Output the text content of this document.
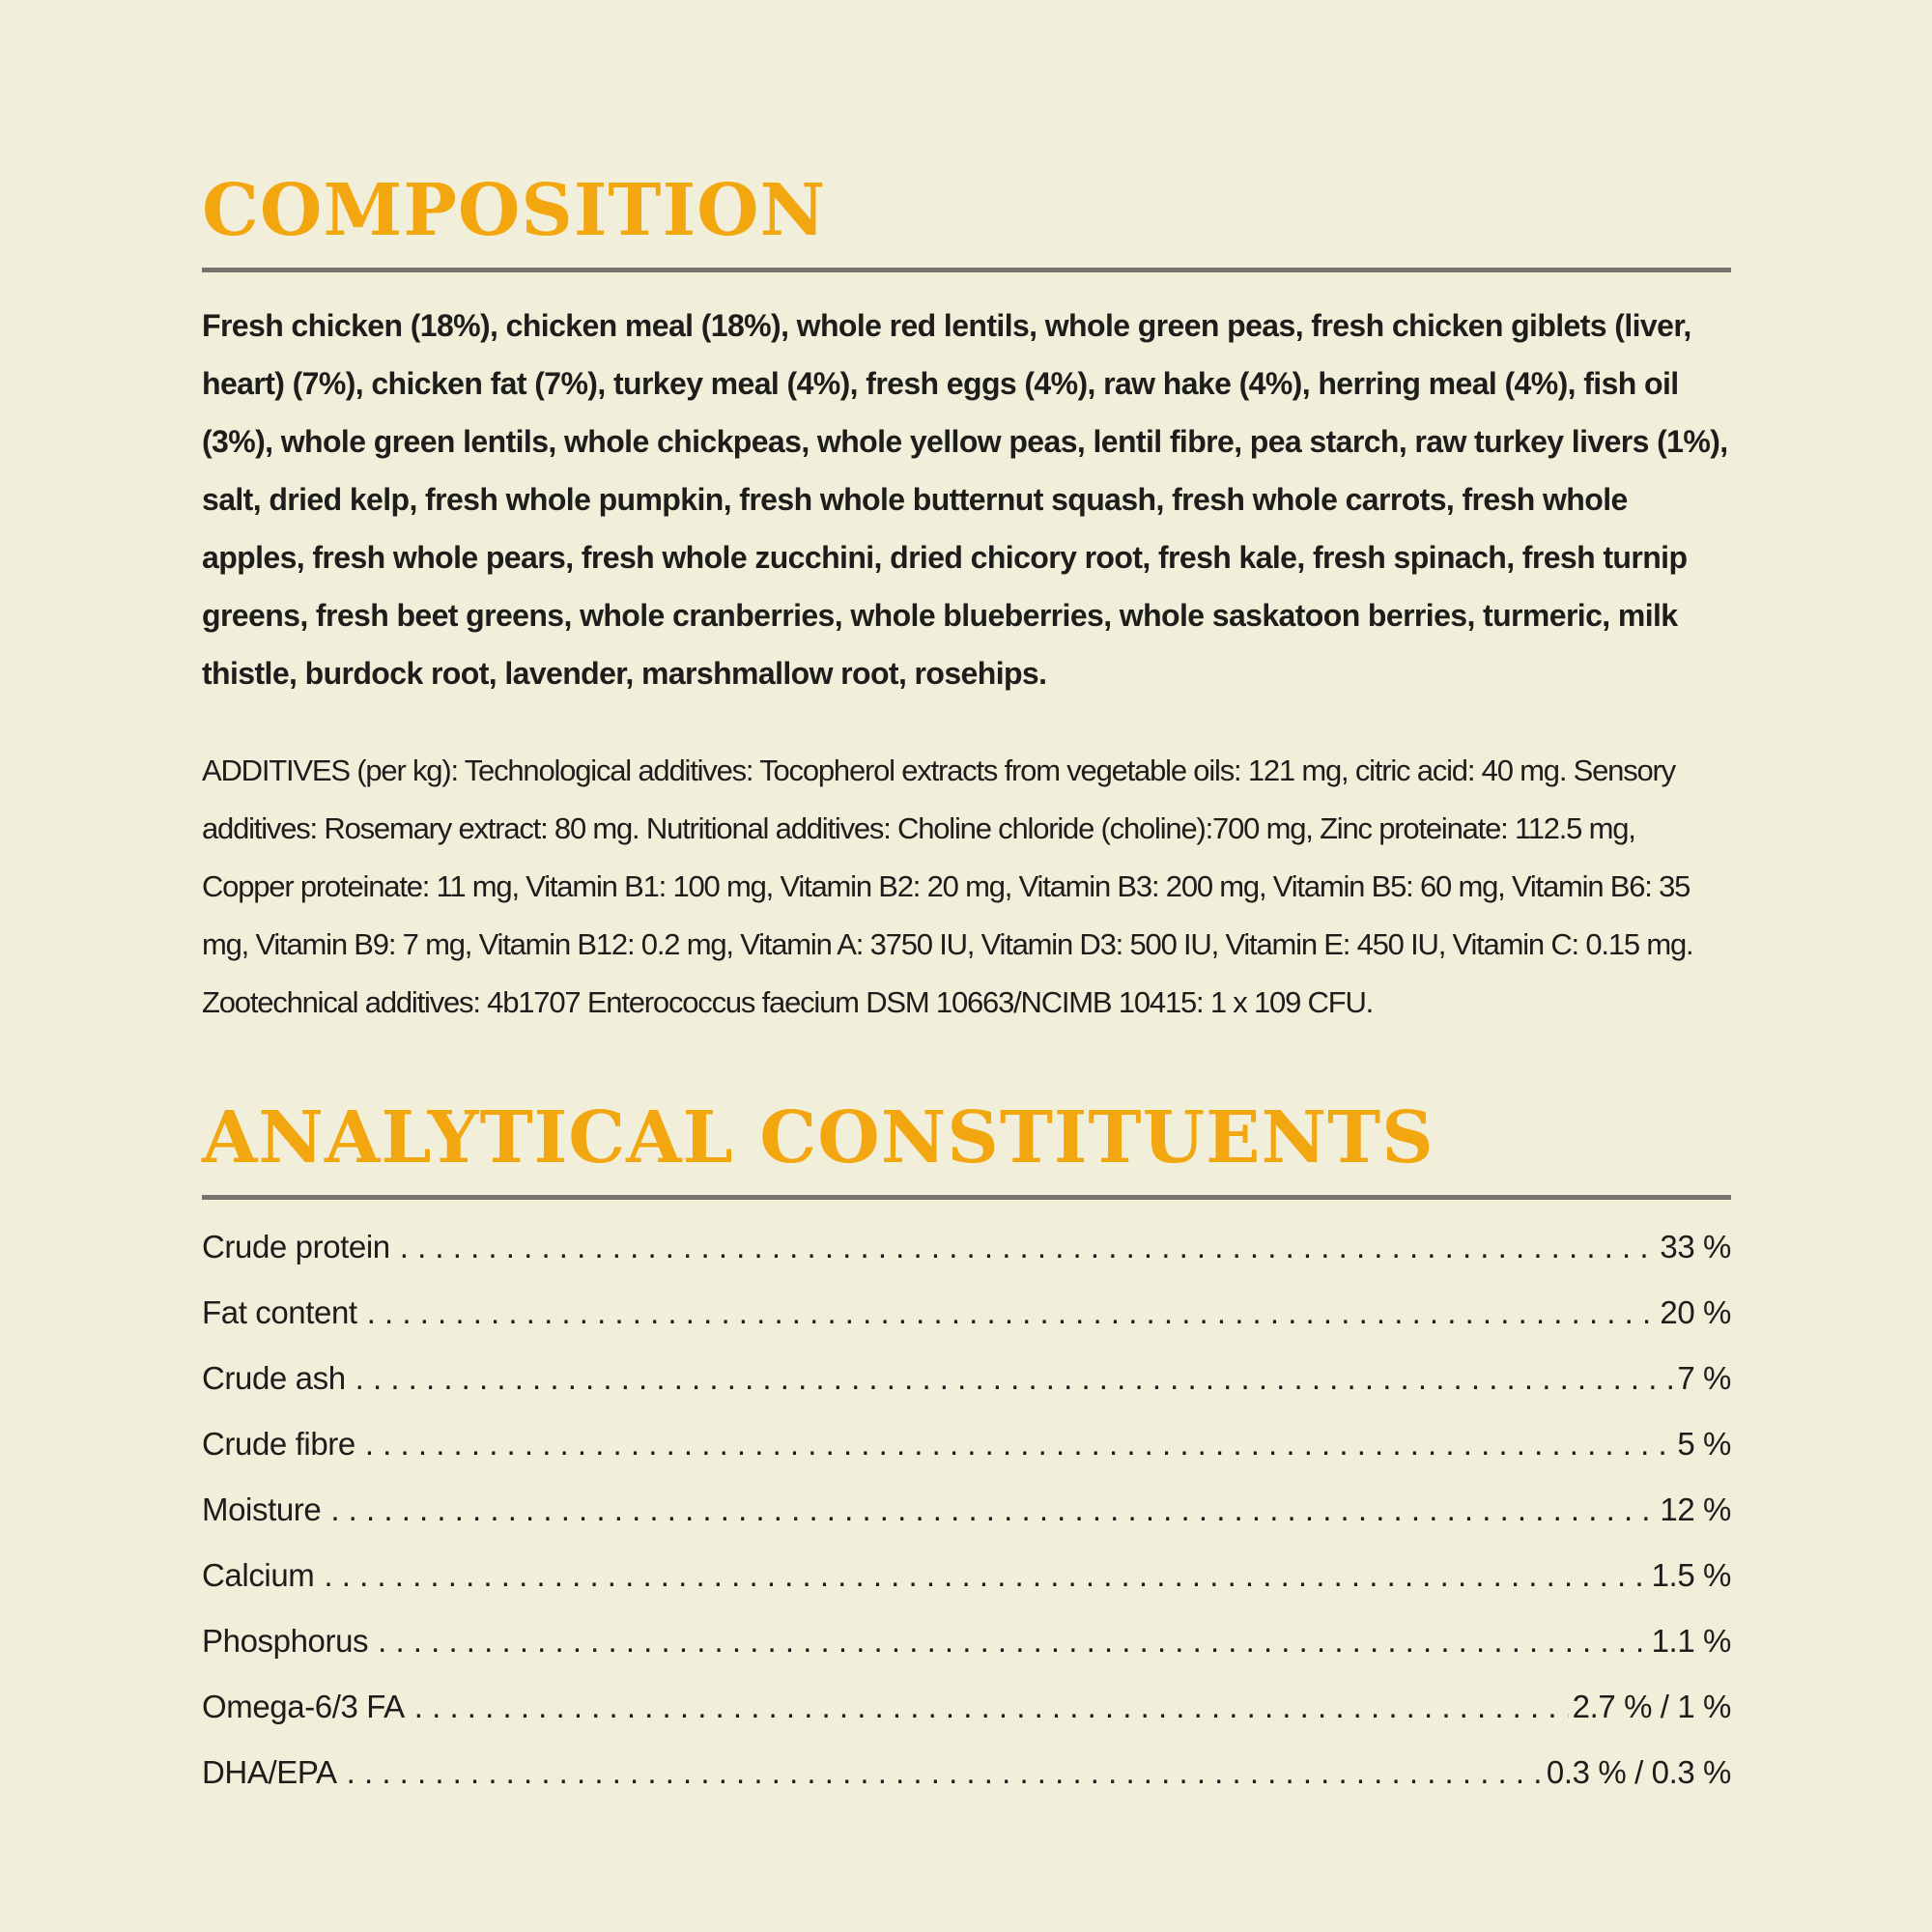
COMPOSITION

Fresh chicken (18%), chicken meal (18%), whole red lentils, whole green peas, fresh chicken giblets (liver, heart) (7%), chicken fat (7%), turkey meal (4%), fresh eggs (4%), raw hake (4%), herring meal (4%), fish oil (3%), whole green lentils, whole chickpeas, whole yellow peas, lentil fibre, pea starch, raw turkey livers (1%), salt, dried kelp, fresh whole pumpkin, fresh whole butternut squash, fresh whole carrots, fresh whole apples, fresh whole pears, fresh whole zucchini, dried chicory root, fresh kale, fresh spinach, fresh turnip greens, fresh beet greens, whole cranberries, whole blueberries, whole saskatoon berries, turmeric, milk thistle, burdock root, lavender, marshmallow root, rosehips.

ADDITIVES (per kg): Technological additives: Tocopherol extracts from vegetable oils: 121 mg, citric acid: 40 mg. Sensory additives: Rosemary extract: 80 mg. Nutritional additives: Choline chloride (choline):700 mg, Zinc proteinate: 112.5 mg, Copper proteinate: 11 mg, Vitamin B1: 100 mg, Vitamin B2: 20 mg, Vitamin B3: 200 mg, Vitamin B5: 60 mg, Vitamin B6: 35 mg, Vitamin B9: 7 mg, Vitamin B12: 0.2 mg, Vitamin A: 3750 IU, Vitamin D3: 500 IU, Vitamin E: 450 IU, Vitamin C: 0.15 mg. Zootechnical additives: 4b1707 Enterococcus faecium DSM 10663/NCIMB 10415: 1 x 109 CFU.

ANALYTICAL CONSTITUENTS
Crude protein . . .	33 %
Fat content . . .	20 %
Crude ash . . .	7 %
Crude fibre . . .	5 %
Moisture . . .	12 %
Calcium . . .	1.5 %
Phosphorus . . .	1.1 %
Omega-6/3 FA . . .	2.7 % / 1 %
DHA/EPA . . .	0.3 % / 0.3 %
